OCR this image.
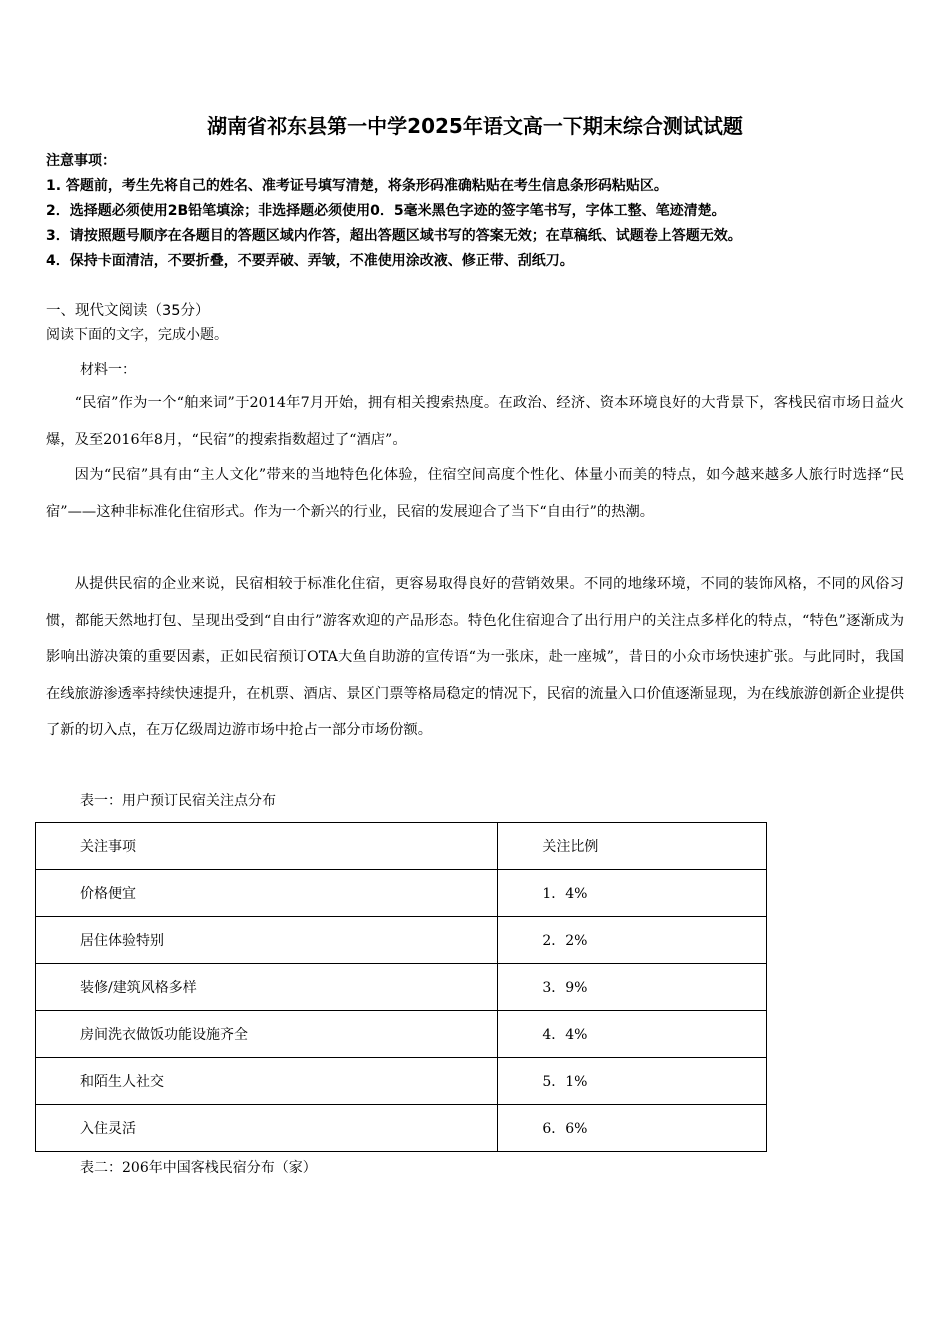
湖南省祁东县第一中学2025年语文高一下期末综合测试试题
注意事项：
1. 答题前，考生先将自己的姓名、准考证号填写清楚，将条形码准确粘贴在考生信息条形码粘贴区。
2．选择题必须使用2B铅笔填涂；非选择题必须使用0．5毫米黑色字迹的签字笔书写，字体工整、笔迹清楚。
3．请按照题号顺序在各题目的答题区域内作答，超出答题区域书写的答案无效；在草稿纸、试题卷上答题无效。
4．保持卡面清洁，不要折叠，不要弄破、弄皱，不准使用涂改液、修正带、刮纸刀。
一、现代文阅读（35分）
阅读下面的文字，完成小题。
材料一：

“民宿”作为一个“舶来词”于2014年7月开始，拥有相关搜索热度。在政治、经济、资本环境良好的大背景下，客栈民宿市场日益火爆，及至2016年8月，“民宿”的搜索指数超过了“酒店”。

因为“民宿”具有由“主人文化”带来的当地特色化体验，住宿空间高度个性化、体量小而美的特点，如今越来越多人旅行时选择“民宿”——这种非标准化住宿形式。作为一个新兴的行业，民宿的发展迎合了当下“自由行”的热潮。

从提供民宿的企业来说，民宿相较于标准化住宿，更容易取得良好的营销效果。不同的地缘环境，不同的装饰风格，不同的风俗习惯，都能天然地打包、呈现出受到“自由行”游客欢迎的产品形态。特色化住宿迎合了出行用户的关注点多样化的特点，“特色”逐渐成为影响出游决策的重要因素，正如民宿预订OTA大鱼自助游的宣传语“为一张床，赴一座城”，昔日的小众市场快速扩张。与此同时，我国在线旅游渗透率持续快速提升，在机票、酒店、景区门票等格局稳定的情况下，民宿的流量入口价值逐渐显现，为在线旅游创新企业提供了新的切入点，在万亿级周边游市场中抢占一部分市场份额。

表一：用户预订民宿关注点分布
关注事项	关注比例
价格便宜	1．4%
居住体验特别	2．2%
装修/建筑风格多样	3．9%
房间洗衣做饭功能设施齐全	4．4%
和陌生人社交	5．1%
入住灵活	6．6%
表二：206年中国客栈民宿分布（家）
